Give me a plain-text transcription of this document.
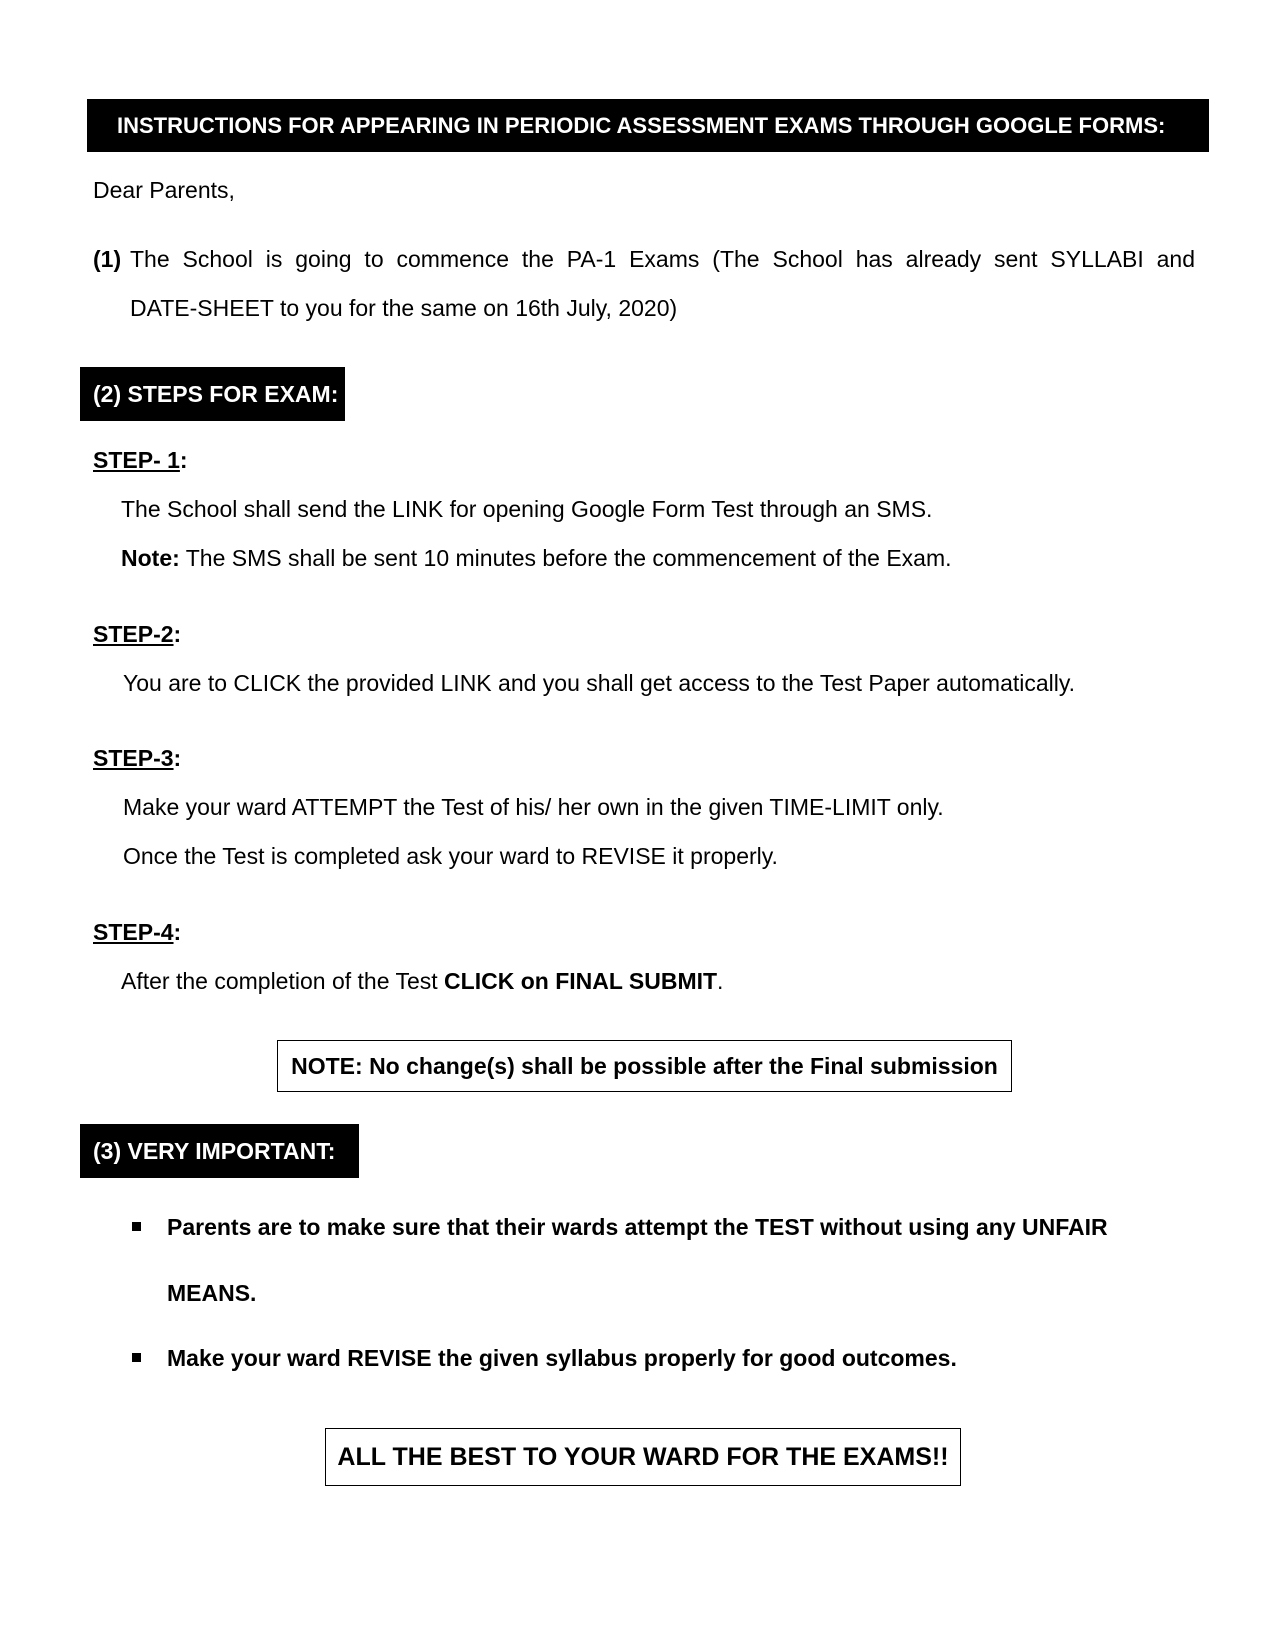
INSTRUCTIONS FOR APPEARING IN PERIODIC ASSESSMENT EXAMS THROUGH GOOGLE FORMS:
Dear Parents,
(1) The School is going to commence the PA-1 Exams (The School has already sent SYLLABI and
DATE-SHEET to you for the same on 16th July, 2020)
(2) STEPS FOR EXAM:
STEP- 1:
The School shall send the LINK for opening Google Form Test through an SMS.
Note: The SMS shall be sent 10 minutes before the commencement of the Exam.
STEP-2:
You are to CLICK the provided LINK and you shall get access to the Test Paper automatically.
STEP-3:
Make your ward ATTEMPT the Test of his/ her own in the given TIME-LIMIT only.
Once the Test is completed ask your ward to REVISE it properly.
STEP-4:
After the completion of the Test CLICK on FINAL SUBMIT.
NOTE: No change(s) shall be possible after the Final submission
(3) VERY IMPORTANT:
Parents are to make sure that their wards attempt the TEST without using any UNFAIR
MEANS.
Make your ward REVISE the given syllabus properly for good outcomes.
ALL THE BEST TO YOUR WARD FOR THE EXAMS!!
